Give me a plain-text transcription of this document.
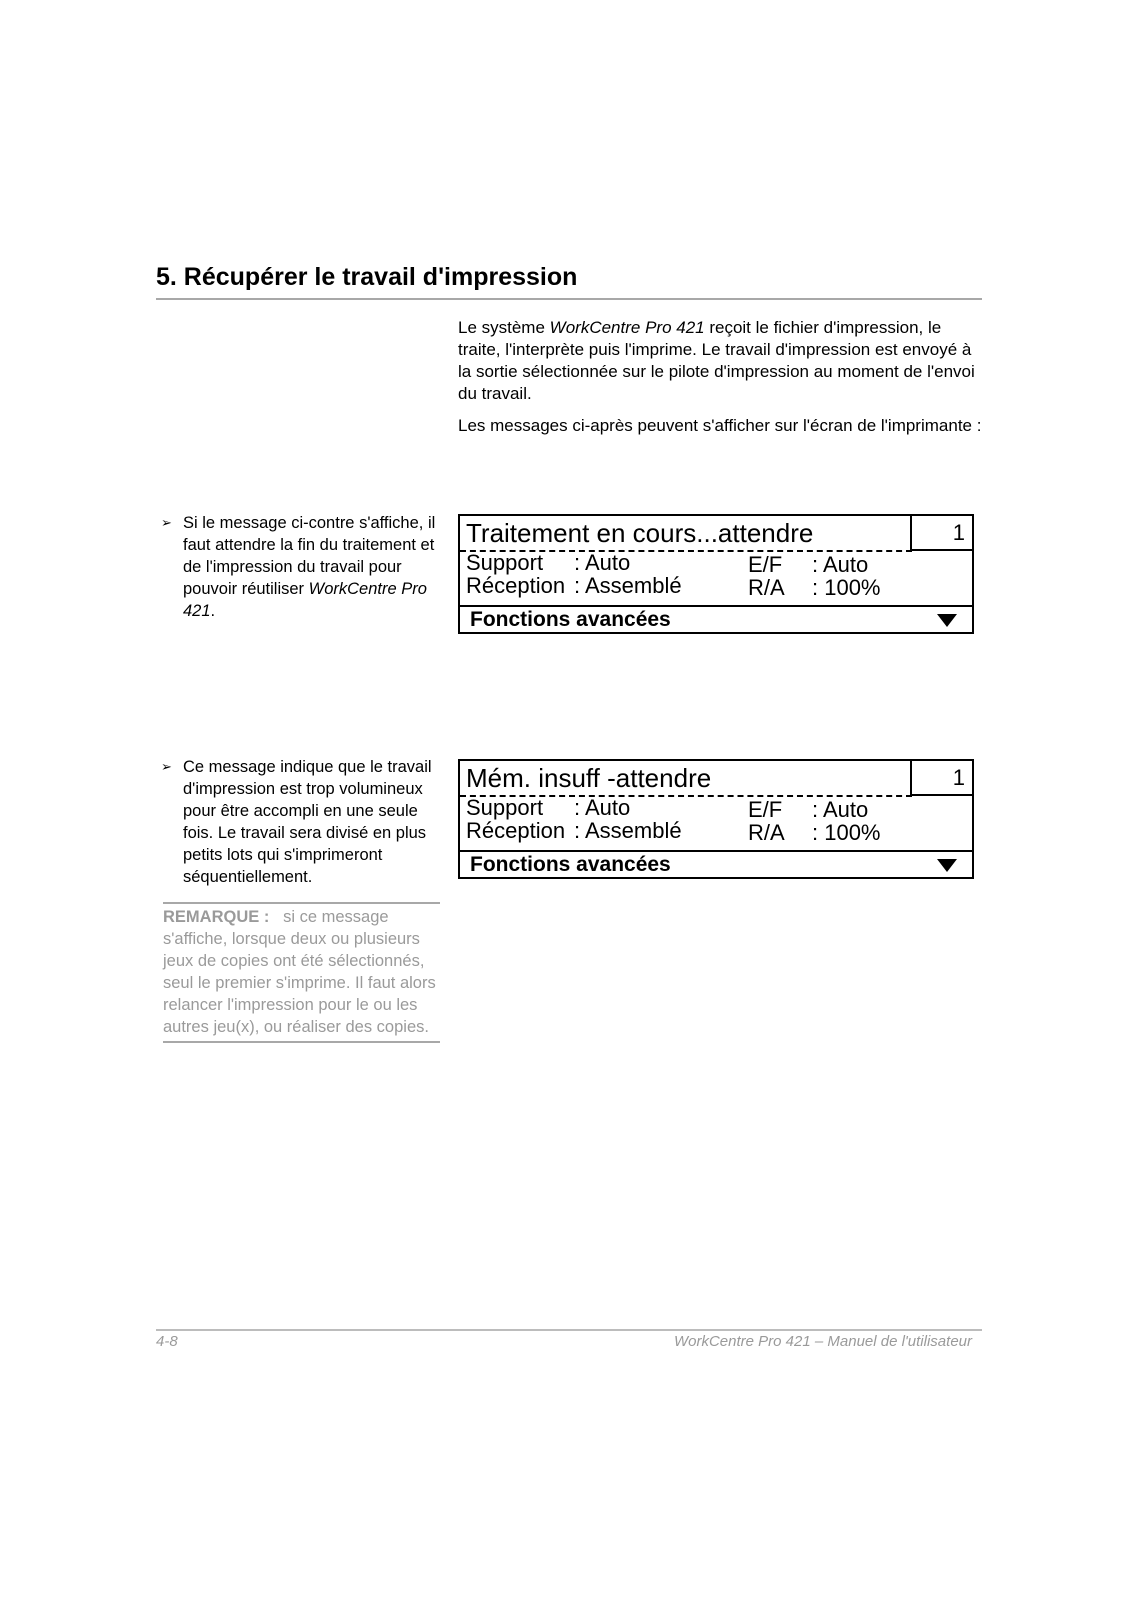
5. Récupérer le travail d'impression

Le système WorkCentre Pro 421 reçoit le fichier d'impression, le traite, l'interprète puis l'imprime. Le travail d'impression est envoyé à la sortie sélectionnée sur le pilote d'impression au moment de l'envoi du travail.

Les messages ci-après peuvent s'afficher sur l'écran de l'imprimante :

➢ Si le message ci-contre s'affiche, il faut attendre la fin du traitement et de l'impression du travail pour pouvoir réutiliser WorkCentre Pro 421.
Traitement en cours...attendre	1
Support : Auto
Réception : Assemblé
E/F : Auto
R/A : 100%
Fonctions avancées
➢ Ce message indique que le travail d'impression est trop volumineux pour être accompli en une seule fois. Le travail sera divisé en plus petits lots qui s'imprimeront séquentiellement.
Mém. insuff -attendre	1
Support : Auto
Réception : Assemblé
E/F : Auto
R/A : 100%
Fonctions avancées
REMARQUE : si ce message s'affiche, lorsque deux ou plusieurs jeux de copies ont été sélectionnés, seul le premier s'imprime. Il faut alors relancer l'impression pour le ou les autres jeu(x), ou réaliser des copies.
4-8	WorkCentre Pro 421 – Manuel de l'utilisateur
